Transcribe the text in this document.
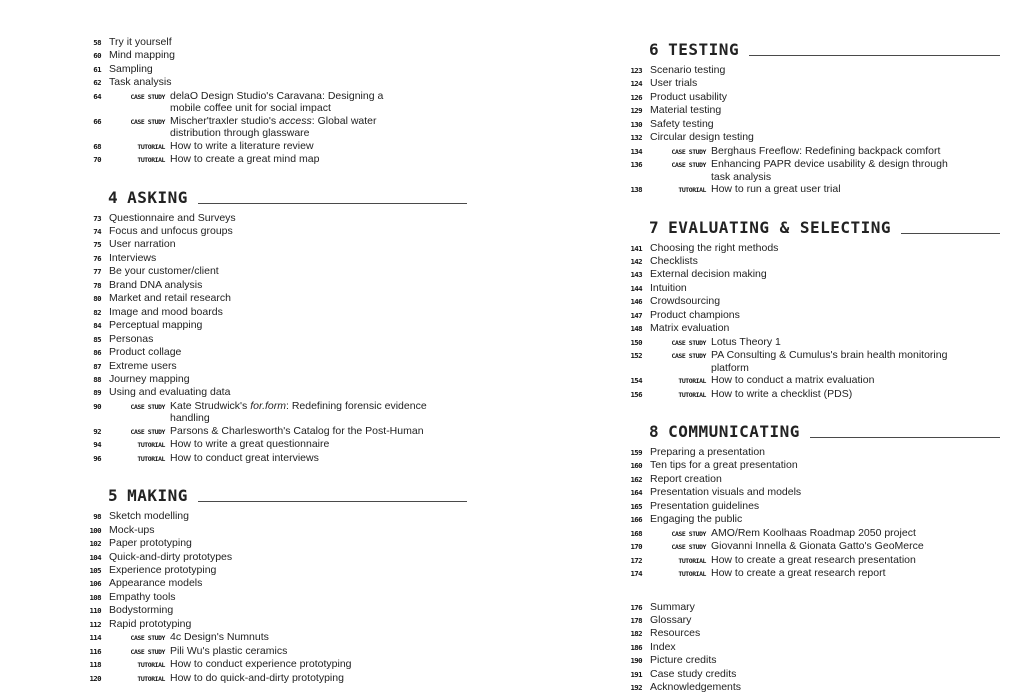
58 Try it yourself
60 Mind mapping
61 Sampling
62 Task analysis
64	CASE STUDY delaO Design Studio's Caravana: Designing a
mobile coffee unit for social impact
66	CASE STUDY Mischer'traxler studio's access: Global water
distribution through glassware
68	TUTORIAL How to write a literature review
70	TUTORIAL How to create a great mind map
4 ASKING
73 Questionnaire and Surveys
74 Focus and unfocus groups
75 User narration
76 Interviews
77 Be your customer/client
78 Brand DNA analysis
80 Market and retail research
82 Image and mood boards
84 Perceptual mapping
85 Personas
86 Product collage
87 Extreme users
88 Journey mapping
89 Using and evaluating data
90	CASE STUDY Kate Strudwick's for.form: Redefining forensic evidence
handling
92	CASE STUDY Parsons & Charlesworth's Catalog for the Post-Human
94	TUTORIAL How to write a great questionnaire
96	TUTORIAL How to conduct great interviews
5 MAKING
98 Sketch modelling
100 Mock-ups
102 Paper prototyping
104 Quick-and-dirty prototypes
105 Experience prototyping
106 Appearance models
108 Empathy tools
110 Bodystorming
112 Rapid prototyping
114	CASE STUDY 4c Design's Numnuts
116	CASE STUDY Pili Wu's plastic ceramics
118	TUTORIAL How to conduct experience prototyping
120	TUTORIAL How to do quick-and-dirty prototyping
6 TESTING
123 Scenario testing
124 User trials
126 Product usability
129 Material testing
130 Safety testing
132 Circular design testing
134	CASE STUDY Berghaus Freeflow: Redefining backpack comfort
136	CASE STUDY Enhancing PAPR device usability & design through
task analysis
138	TUTORIAL How to run a great user trial
7 EVALUATING & SELECTING
141 Choosing the right methods
142 Checklists
143 External decision making
144 Intuition
146 Crowdsourcing
147 Product champions
148 Matrix evaluation
150	CASE STUDY Lotus Theory 1
152	CASE STUDY PA Consulting & Cumulus's brain health monitoring
platform
154	TUTORIAL How to conduct a matrix evaluation
156	TUTORIAL How to write a checklist (PDS)
8 COMMUNICATING
159 Preparing a presentation
160 Ten tips for a great presentation
162 Report creation
164 Presentation visuals and models
165 Presentation guidelines
166 Engaging the public
168	CASE STUDY AMO/Rem Koolhaas Roadmap 2050 project
170	CASE STUDY Giovanni Innella & Gionata Gatto's GeoMerce
172	TUTORIAL How to create a great research presentation
174	TUTORIAL How to create a great research report
176 Summary
178 Glossary
182 Resources
186 Index
190 Picture credits
191 Case study credits
192 Acknowledgements
